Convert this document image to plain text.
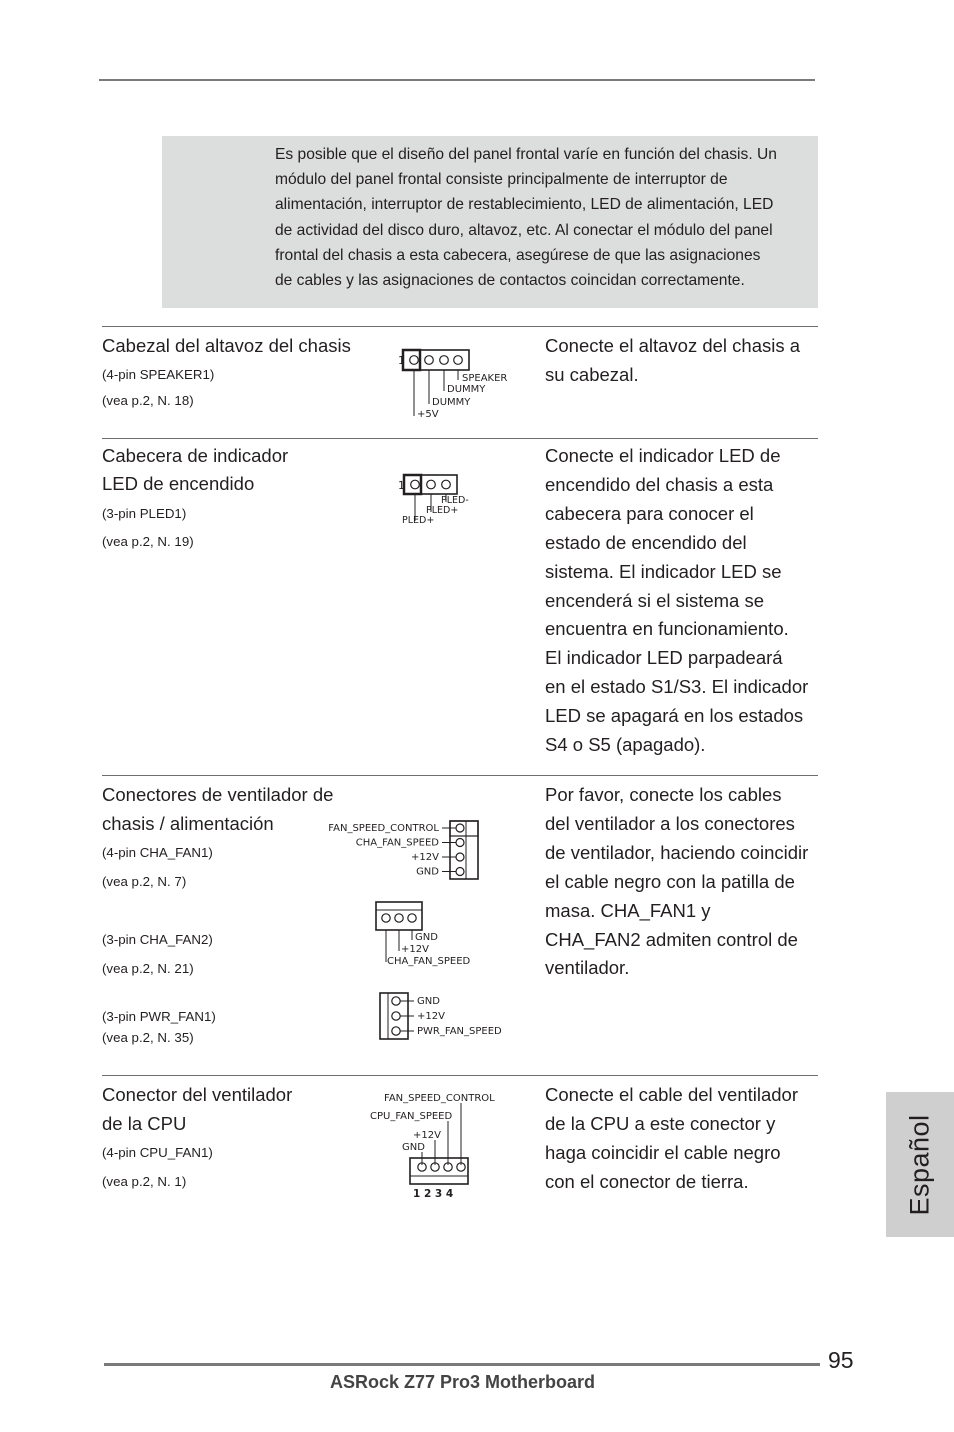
Es posible que el diseño del panel frontal varíe en función del chasis. Un
módulo del panel frontal consiste principalmente de interruptor de
alimentación, interruptor de restablecimiento, LED de alimentación, LED
de actividad del disco duro, altavoz, etc. Al conectar el módulo del panel
frontal del chasis a esta cabecera, asegúrese de que las asignaciones
de cables y las asignaciones de contactos coincidan correctamente.
Cabezal del altavoz del chasis
(4-pin SPEAKER1)
(vea p.2, N. 18)
1
SPEAKER
DUMMY
DUMMY
+5V
Conecte el altavoz del chasis a
su cabezal.
Cabecera de indicador
LED de encendido
(3-pin PLED1)
(vea p.2, N. 19)
1
PLED-
PLED+
PLED+
Conecte el indicador LED de
encendido del chasis a esta
cabecera para conocer el
estado de encendido del
sistema. El indicador LED se
encenderá si el sistema se
encuentra en funcionamiento.
El indicador LED parpadeará
en el estado S1/S3. El indicador
LED se apagará en los estados
S4 o S5 (apagado).
Conectores de ventilador de
chasis / alimentación
(4-pin CHA_FAN1)
(vea p.2, N. 7)
(3-pin CHA_FAN2)
(vea p.2, N. 21)
(3-pin PWR_FAN1)
(vea p.2, N. 35)
FAN_SPEED_CONTROL
CHA_FAN_SPEED
+12V
GND
GND
+12V
CHA_FAN_SPEED
GND
+12V
PWR_FAN_SPEED
Por favor, conecte los cables
del ventilador a los conectores
de ventilador, haciendo coincidir
el cable negro con la patilla de
masa. CHA_FAN1 y
CHA_FAN2 admiten control de
ventilador.
Conector del ventilador
de la CPU
(4-pin CPU_FAN1)
(vea p.2, N. 1)
FAN_SPEED_CONTROL
CPU_FAN_SPEED
+12V
GND
1 2 3 4
Conecte el cable del ventilador
de la CPU a este conector y
haga coincidir el cable negro
con el conector de tierra.	Español
95
ASRock Z77 Pro3 Motherboard
